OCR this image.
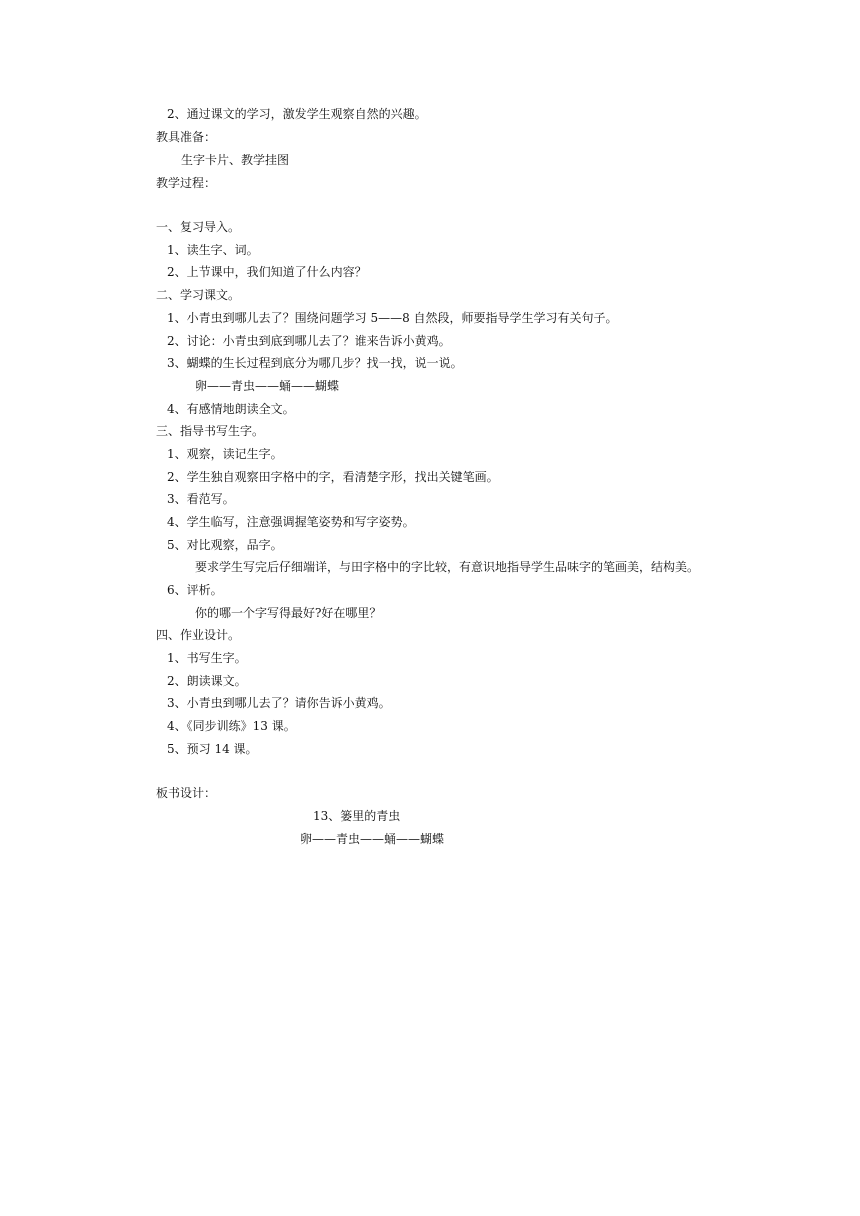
2、通过课文的学习，激发学生观察自然的兴趣。
教具准备：
生字卡片、教学挂图
教学过程：
一、复习导入。
1、读生字、词。
2、上节课中，我们知道了什么内容？
二、学习课文。
1、小青虫到哪儿去了？围绕问题学习 5——8 自然段，师要指导学生学习有关句子。
2、讨论：小青虫到底到哪儿去了？谁来告诉小黄鸡。
3、蝴蝶的生长过程到底分为哪几步？找一找，说一说。
卵——青虫——蛹——蝴蝶
4、有感情地朗读全文。
三、指导书写生字。
1、观察，读记生字。
2、学生独自观察田字格中的字，看清楚字形，找出关键笔画。
3、看范写。
4、学生临写，注意强调握笔姿势和写字姿势。
5、对比观察，品字。
要求学生写完后仔细端详，与田字格中的字比较，有意识地指导学生品味字的笔画美，结构美。
6、评析。
你的哪一个字写得最好?好在哪里？
四、作业设计。
1、书写生字。
2、朗读课文。
3、小青虫到哪儿去了？请你告诉小黄鸡。
4、《同步训练》13 课。
5、预习 14 课。
板书设计：
13、篓里的青虫
卵——青虫——蛹——蝴蝶
